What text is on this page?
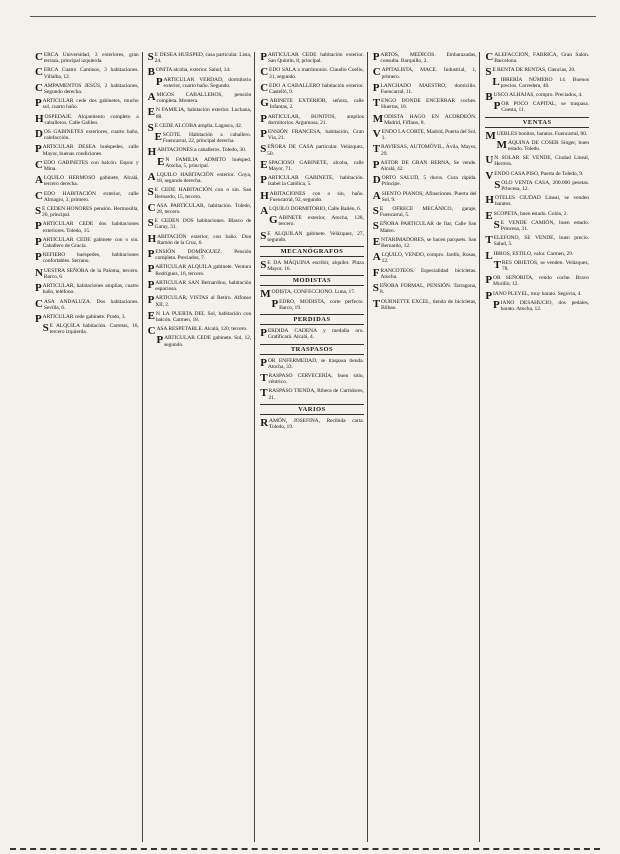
CERCA Universidad, 3 exteriores, gran terraza, principal izquierda.
CERCA Cuatro Caminos, 3 habitaciones. Villalba, 12.
CAMPAMENTOS JESÚS, 2 habitaciones, Segundo derecha.
PARTICULAR cede dos gabinetes, mucho sol, cuarto baño.
HOSPEDAJE. Alojamiento completo a caballeros. Calle Galileo.
DOS GABINETES exteriores, cuarto baño, calefacción.
PARTICULAR DESEA huéspedes, calle Mayor, buenas condiciones.
CEDO GABINETES con balcón. Espoz y Mina.
ALQUILO HERMOSO gabinete, Alcalá, tercero derecha.
CEDO HABITACIÓN exterior, calle Almagro, 3, primero.
SE CEDEN HONORES pensión. Hermosilla, 20, principal.
PARTICULAR CEDE dos habitaciones exteriores. Toledo, 15.
PARTICULAR CEDE gabinete con o sin. Caballero de Gracia.
PREFIERO huéspedes, habitaciones confortables. Serrano.
NUESTRA SEÑORA de la Paloma, tercero. Barco, 6.
PARTICULAR, habitaciones amplias, cuarto baño, teléfono.
CASA ANDALUZA. Dos habitaciones. Sevilla, 6.
PARTICULAR cede gabinete. Prado, 3.
SE ALQUILA habitación. Carretas, 16, tercero izquierda.
SE DESEA HUÉSPED, casa particular. Lista, 24.
BONITA alcoba, exterior. Salud, 14.
PARTICULAR VERDAD, dormitorio exterior, cuarto baño. Segundo.
AMIGOS CABALLEROS, pensión completa. Montera.
EN FAMILIA, habitación exterior. Luchana, 88.
SE CEDE ALCOBA amplia. Lagasca, 42.
ESCOTE. Habitación a caballero. Fuencarral, 22, principal derecha.
HABITACIONES a caballeros. Toledo, 30.
EN FAMILIA ADMITO huésped. Atocha, 5, principal.
ALQUILO HABITACIÓN exterior. Goya, 18, segundo derecha.
SE CEDE HABITACIÓN con o sin. San Bernardo, 15, tercero.
CASA PARTICULAR, habitación. Toledo, 28, tercero.
SE CEDEN DOS habitaciones. Blasco de Garay, 31.
HABITACIÓN exterior, con baño. Don Ramón de la Cruz, 6.
PENSIÓN DOMÍNGUEZ. Pensión completa. Preciados, 7.
PARTICULAR ALQUILA gabinete. Ventura Rodríguez, 16, tercero.
PARTICULAR SAN Bernardino, habitación espaciosa.
PARTICULAR, VISTAS al Retiro. Alfonso XII, 2.
EN LA PUERTA DEL Sol, habitación con balcón. Carmen, 18.
CASA RESPETABLE. Alcalá, 120, tercero.
PARTICULAR CEDE gabinete. Sol, 12, segundo.
PARTICULAR CEDE habitación exterior. San Quintín, 8, principal.
CEDO SALA a matrimonio. Claudio Coello, 31, segundo.
CEDO A CABALLERO habitación exterior. Castelló, 9.
GABINETE EXTERIOR, señora, calle Infantas, 2.
PARTICULAR, BONITOS, amplios dormitorios. Argumosa, 21.
PENSIÓN FRANCESA, habitación, Gran Vía, 21.
SEÑORA DE CASA particular. Velázquez, 50.
ESPACIOSO GABINETE, alcoba, calle Mayor, 71.
PARTICULAR GABINETE, habitación. Isabel la Católica, 5.
HABITACIONES con o sin, baño. Fuencarral, 92, segundo.
ALQUILO DORMITORIO, Calle Bailén, 6.
GABINETE exterior, Atocha, 128, tercero.
SE ALQUILAN gabinete. Velázquez, 27, segundo.
MECANÓGRAFOS
SE DA MÁQUINA escribir, alquiler. Plaza Mayor, 16.
MODISTAS
MODISTA, CONFECCIONO. Luna, 17.
PEDRO, MODISTA, corte perfecto. Barco, 19.
PERDIDAS
PERDIDA CADENA y medalla oro. Gratificará. Alcalá, 4.
TRASPASOS
POR ENFERMEDAD, se traspasa tienda. Atocha, 33.
TRASPASO CERVECERÍA, buen sitio, céntrico.
TRASPASO TIENDA, Ribera de Curtidores, 21.
VARIOS
RAMÓN, JOSEFINA, Recibida carta. Toledo, 19.
PARTOS, MÉDICOS. Embarazadas, consulta. Barquillo, 2.
CAPITALISTA, MACE. Industrial, 1, primero.
PLANCHADO MAESTRO, domicilio. Fuencarral, 11.
TENGO DONDE ENCERRAR coches. Huertas, 18.
MODISTA HAGO EN ACORDEÓN. Madrid, Fiffano, 8.
VENDO LA CORTE, Madrid, Puerta del Sol, 1.
TRAVIESAS, AUTOMÓVIL, Ávila, Mayor, 29.
PASTOR DE GRAN BERNA, Se vende. Alcalá, 42.
DORTO SALUD, 5 duros. Cura rápida. Príncipe.
ASIENTO PIANOS, Afinaciones. Puerta del Sol, 9.
SE OFRECE MECÁNICO, garaje, Fuencarral, 5.
SEÑORA PARTICULAR de fiar, Calle San Mateo.
ENTARIMADORES, se hacen parquets. San Bernardo, 12.
ALQUILO, VENDO, compro. Jardín, Rosas, 12.
FRANCOTEOS. Especialidad bicicletas. Atocha.
SEÑORA FORMAL, PENSIÓN. Tarragona, 8.
TOURNETTE EXCEL, tienda de bicicletas, Bilbao.
CALEFACCIÓN, FÁBRICA, Gran Salón. Barcelona.
SE RENTA DE RENTAS, Ciencias, 20.
LIBRERÍA NÚMERO 14. Buenos precios. Corredera, 40.
BUSCO ALHAJAS, compro. Preciados, 4.
POR POCO CAPITAL, se traspasa. Cuesta, 11.
VENTAS
MUEBLES bonitos, baratos. Fuencarral, 80.
MÁQUINA DE COSER Singer, buen estado. Toledo.
UN SOLAR SE VENDE, Ciudad Lineal, Herrera.
VENDO CASA PISO, Puerta de Toledo, 9.
SOLO VENTA CASA, 200.000 pesetas. Princesa, 12.
HOTELES CIUDAD Lineal, se venden baratos.
ESCOPETA, buen estado. Colón, 2.
SE VENDE CAMIÓN, buen estado. Princesa, 31.
TELEFONO, SE VENDE, buen precio. Salud, 5.
LIBROS, ESTILO, valor. Carmen, 29.
TRES OBJETOS, se venden. Velázquez, 78.
POR SEÑORITA, vendo coche. Bravo Murillo, 12.
PIANO PLEYEL, muy barato. Segovia, 4.
PIANO DESAHUCIO, dos pedales, barato. Atocha, 12.
